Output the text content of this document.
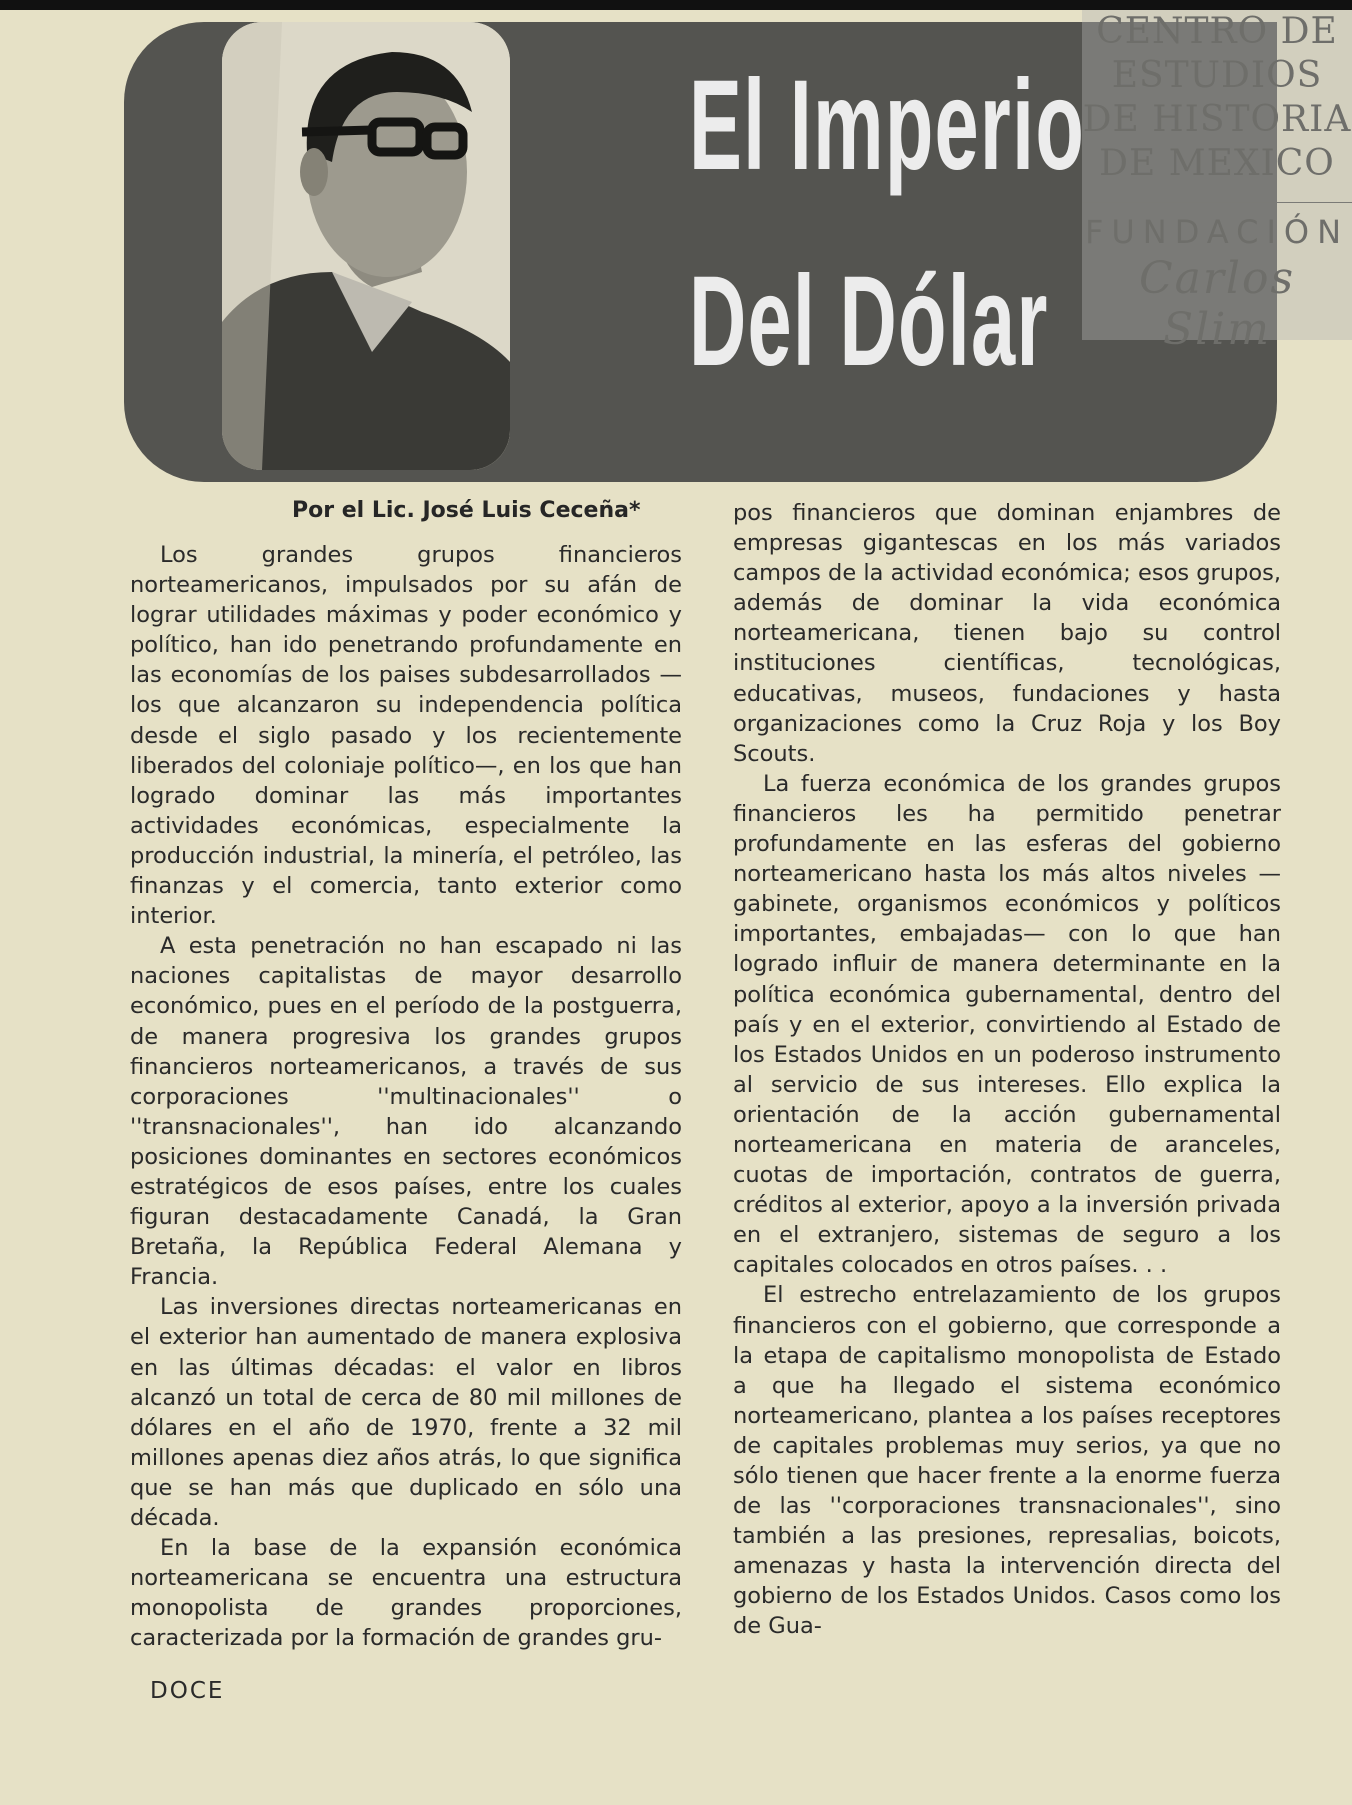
El Imperio
Del Dólar
CENTRO DE
ESTUDIOS
DE HISTORIA
DE MEXICO
FUNDACIÓN
Carlos Slim
Por el Lic. José Luis Ceceña*

Los grandes grupos financieros norteamericanos, impulsados por su afán de lograr utilidades máximas y poder económico y político, han ido penetrando profundamente en las economías de los paises subdesarrollados —los que alcanzaron su independencia política desde el siglo pasado y los recientemente liberados del coloniaje político—, en los que han logrado dominar las más importantes actividades económicas, especialmente la producción industrial, la minería, el petróleo, las finanzas y el comercia, tanto exterior como interior.

A esta penetración no han escapado ni las naciones capitalistas de mayor desarrollo económico, pues en el período de la postguerra, de manera progresiva los grandes grupos financieros norteamericanos, a través de sus corporaciones ''multinacionales'' o ''transnacionales'', han ido alcanzando posiciones dominantes en sectores económicos estratégicos de esos países, entre los cuales figuran destacadamente Canadá, la Gran Bretaña, la República Federal Alemana y Francia.

Las inversiones directas norteamericanas en el exterior han aumentado de manera explosiva en las últimas décadas: el valor en libros alcanzó un total de cerca de 80 mil millones de dólares en el año de 1970, frente a 32 mil millones apenas diez años atrás, lo que significa que se han más que duplicado en sólo una década.

En la base de la expansión económica norteamericana se encuentra una estructura monopolista de grandes proporciones, caracterizada por la formación de grandes gru-

pos financieros que dominan enjambres de empresas gigantescas en los más variados campos de la actividad económica; esos grupos, además de dominar la vida económica norteamericana, tienen bajo su control instituciones científicas, tecnológicas, educativas, museos, fundaciones y hasta organizaciones como la Cruz Roja y los Boy Scouts.

La fuerza económica de los grandes grupos financieros les ha permitido penetrar profundamente en las esferas del gobierno norteamericano hasta los más altos niveles —gabinete, organismos económicos y políticos importantes, embajadas— con lo que han logrado influir de manera determinante en la política económica gubernamental, dentro del país y en el exterior, convirtiendo al Estado de los Estados Unidos en un poderoso instrumento al servicio de sus intereses. Ello explica la orientación de la acción gubernamental norteamericana en materia de aranceles, cuotas de importación, contratos de guerra, créditos al exterior, apoyo a la inversión privada en el extranjero, sistemas de seguro a los capitales colocados en otros países. . .

El estrecho entrelazamiento de los grupos financieros con el gobierno, que corresponde a la etapa de capitalismo monopolista de Estado a que ha llegado el sistema económico norteamericano, plantea a los países receptores de capitales problemas muy serios, ya que no sólo tienen que hacer frente a la enorme fuerza de las ''corporaciones transnacionales'', sino también a las presiones, represalias, boicots, amenazas y hasta la intervención directa del gobierno de los Estados Unidos. Casos como los de Gua-

DOCE
